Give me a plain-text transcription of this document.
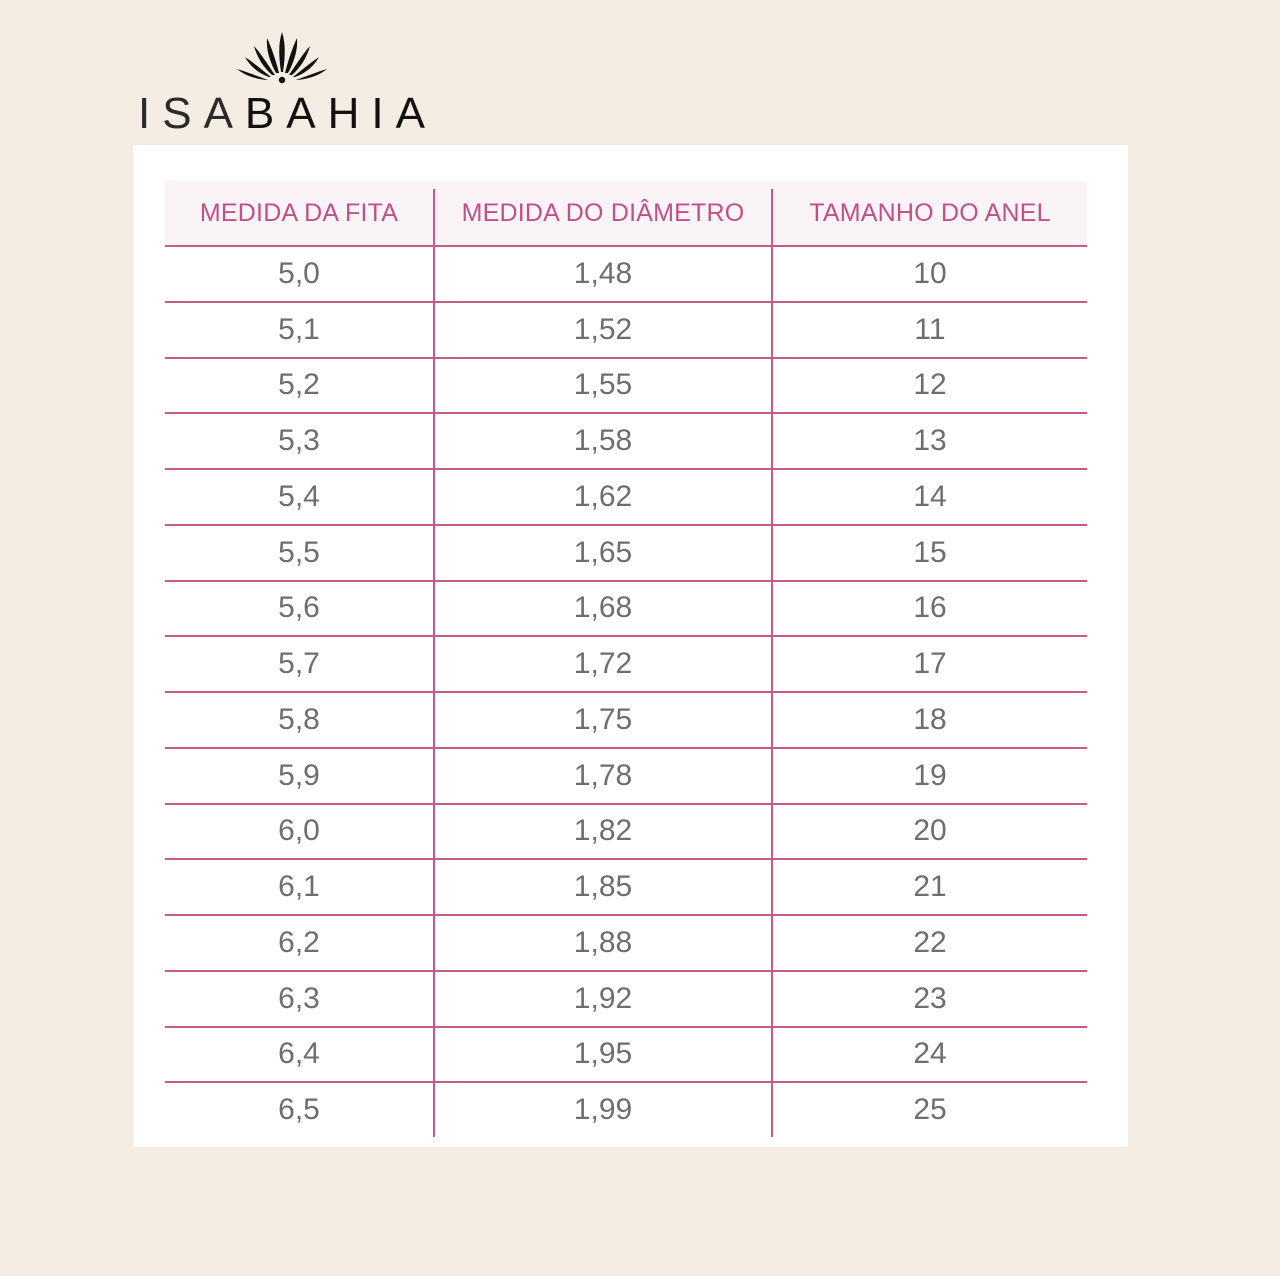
ISABAHIA
MEDIDA DA FITA	MEDIDA DO DIÂMETRO	TAMANHO DO ANEL
5,0	1,48	10
5,1	1,52	11
5,2	1,55	12
5,3	1,58	13
5,4	1,62	14
5,5	1,65	15
5,6	1,68	16
5,7	1,72	17
5,8	1,75	18
5,9	1,78	19
6,0	1,82	20
6,1	1,85	21
6,2	1,88	22
6,3	1,92	23
6,4	1,95	24
6,5	1,99	25
